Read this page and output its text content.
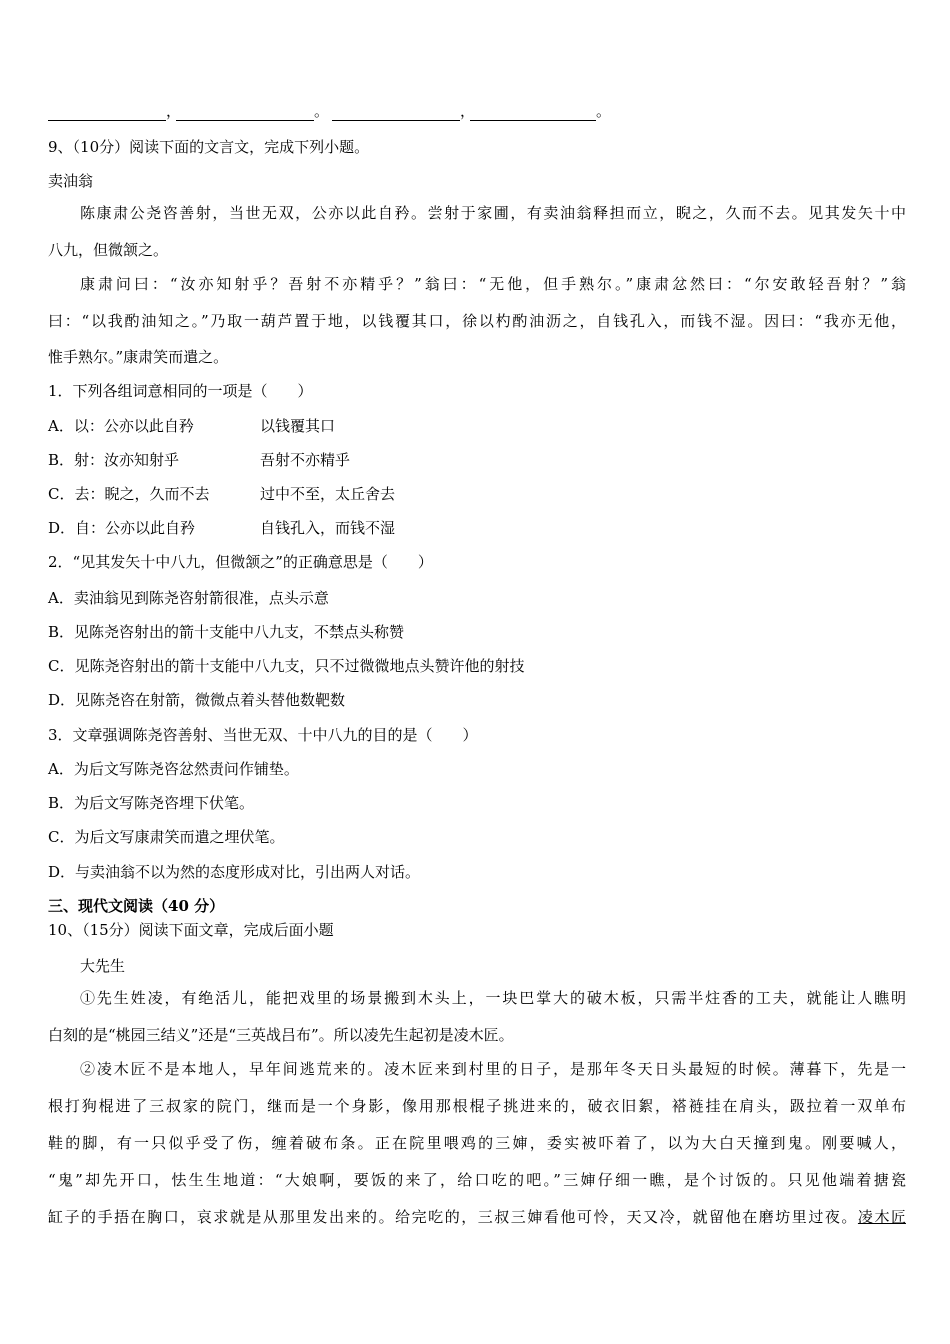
，	。	，	。
9、（10分）阅读下面的文言文，完成下列小题。
卖油翁
陈康肃公尧咨善射，当世无双，公亦以此自矜。尝射于家圃，有卖油翁释担而立，睨之，久而不去。见其发矢十中
八九，但微颔之。
康肃问曰：“汝亦知射乎？吾射不亦精乎？”翁曰：“无他，但手熟尔。”康肃忿然曰：“尔安敢轻吾射？”翁
曰：“以我酌油知之。”乃取一葫芦置于地，以钱覆其口，徐以杓酌油沥之，自钱孔入，而钱不湿。因曰：“我亦无他，
惟手熟尔。”康肃笑而遣之。
1．下列各组词意相同的一项是（　　）
A．以：公亦以此自矜	以钱覆其口
B．射：汝亦知射乎	吾射不亦精乎
C．去：睨之，久而不去	过中不至，太丘舍去
D．自：公亦以此自矜	自钱孔入，而钱不湿
2．“见其发矢十中八九，但微颔之”的正确意思是（　　）
A．卖油翁见到陈尧咨射箭很准，点头示意
B．见陈尧咨射出的箭十支能中八九支，不禁点头称赞
C．见陈尧咨射出的箭十支能中八九支，只不过微微地点头赞许他的射技
D．见陈尧咨在射箭，微微点着头替他数靶数
3．文章强调陈尧咨善射、当世无双、十中八九的目的是（　　）
A．为后文写陈尧咨忿然责问作铺垫。
B．为后文写陈尧咨埋下伏笔。
C．为后文写康肃笑而遣之埋伏笔。
D．与卖油翁不以为然的态度形成对比，引出两人对话。
三、现代文阅读（40 分）
10、（15分）阅读下面文章，完成后面小题
大先生
①先生姓凌，有绝活儿，能把戏里的场景搬到木头上，一块巴掌大的破木板，只需半炷香的工夫，就能让人瞧明
白刻的是“桃园三结义”还是“三英战吕布”。所以凌先生起初是凌木匠。
②凌木匠不是本地人，早年间逃荒来的。凌木匠来到村里的日子，是那年冬天日头最短的时候。薄暮下，先是一
根打狗棍进了三叔家的院门，继而是一个身影，像用那根棍子挑进来的，破衣旧絮，褡裢挂在肩头，趿拉着一双单布
鞋的脚，有一只似乎受了伤，缠着破布条。正在院里喂鸡的三婶，委实被吓着了，以为大白天撞到鬼。刚要喊人，
“鬼”却先开口，怯生生地道：“大娘啊，要饭的来了，给口吃的吧。”三婶仔细一瞧，是个讨饭的。只见他端着搪瓷
缸子的手捂在胸口，哀求就是从那里发出来的。给完吃的，三叔三婶看他可怜，天又冷，就留他在磨坊里过夜。凌木匠
